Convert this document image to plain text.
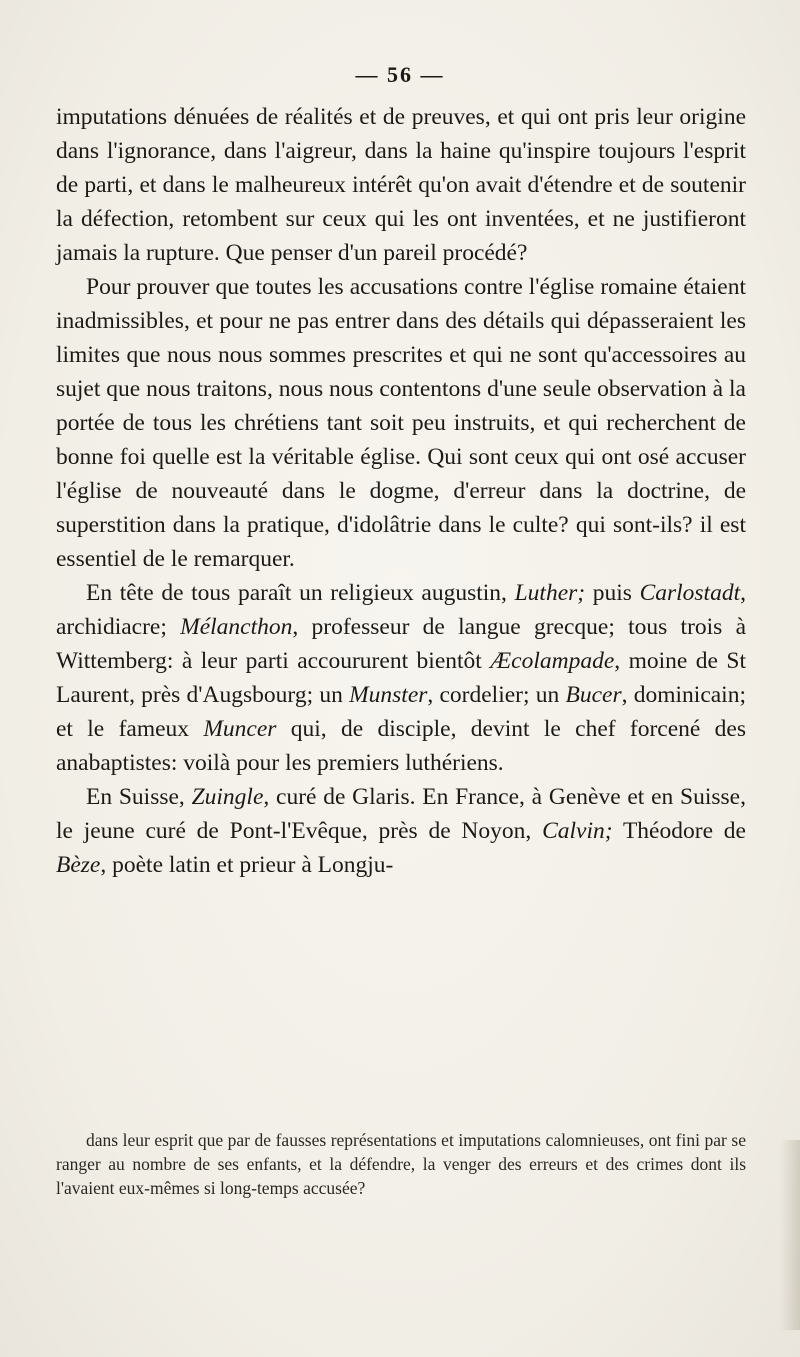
— 56 —

imputations dénuées de réalités et de preuves, et qui ont pris leur origine dans l'ignorance, dans l'aigreur, dans la haine qu'inspire toujours l'esprit de parti, et dans le malheureux intérêt qu'on avait d'étendre et de soutenir la défection, retombent sur ceux qui les ont inventées, et ne justifieront jamais la rupture. Que penser d'un pareil procédé?

Pour prouver que toutes les accusations contre l'église romaine étaient inadmissibles, et pour ne pas entrer dans des détails qui dépasseraient les limites que nous nous sommes prescrites et qui ne sont qu'accessoires au sujet que nous traitons, nous nous contentons d'une seule observation à la portée de tous les chrétiens tant soit peu instruits, et qui recherchent de bonne foi quelle est la véritable église. Qui sont ceux qui ont osé accuser l'église de nouveauté dans le dogme, d'erreur dans la doctrine, de superstition dans la pratique, d'idolâtrie dans le culte? qui sont-ils? il est essentiel de le remarquer.

En tête de tous paraît un religieux augustin, Luther; puis Carlostadt, archidiacre; Mélancthon, professeur de langue grecque; tous trois à Wittemberg: à leur parti accoururent bientôt Æcolampade, moine de St Laurent, près d'Augsbourg; un Munster, cordelier; un Bucer, dominicain; et le fameux Muncer qui, de disciple, devint le chef forcené des anabaptistes: voilà pour les premiers luthériens.

En Suisse, Zuingle, curé de Glaris. En France, à Genève et en Suisse, le jeune curé de Pont-l'Evêque, près de Noyon, Calvin; Théodore de Bèze, poète latin et prieur à Longju-

dans leur esprit que par de fausses représentations et imputations calomnieuses, ont fini par se ranger au nombre de ses enfants, et la défendre, la venger des erreurs et des crimes dont ils l'avaient eux-mêmes si long-temps accusée?
